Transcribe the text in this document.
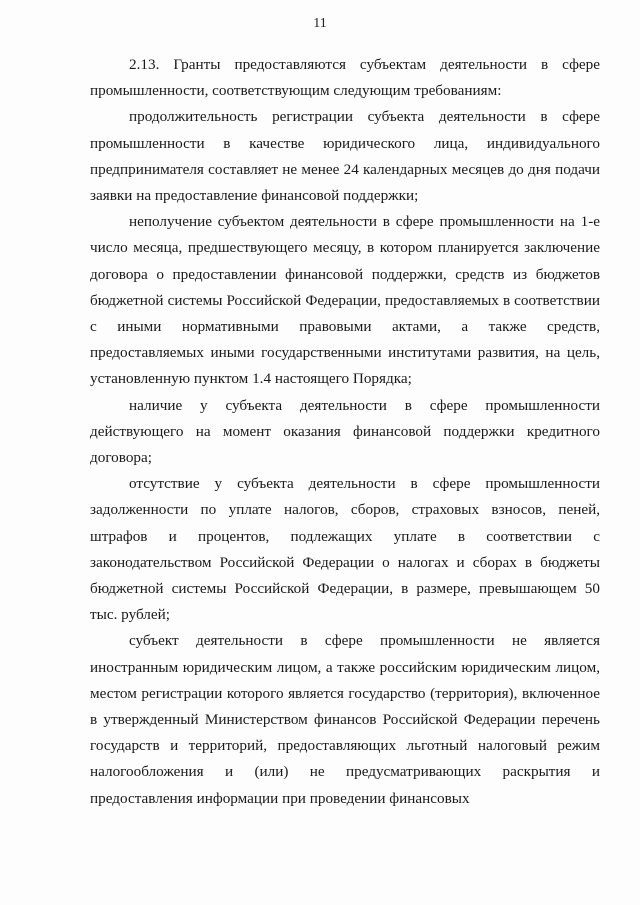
11

2.13. Гранты предоставляются субъектам деятельности в сфере промышленности, соответствующим следующим требованиям:

продолжительность регистрации субъекта деятельности в сфере промышленности в качестве юридического лица, индивидуального предпринимателя составляет не менее 24 календарных месяцев до дня подачи заявки на предоставление финансовой поддержки;

неполучение субъектом деятельности в сфере промышленности на 1-е число месяца, предшествующего месяцу, в котором планируется заключение договора о предоставлении финансовой поддержки, средств из бюджетов бюджетной системы Российской Федерации, предоставляемых в соответствии с иными нормативными правовыми актами, а также средств, предоставляемых иными государственными институтами развития, на цель, установленную пунктом 1.4 настоящего Порядка;

наличие у субъекта деятельности в сфере промышленности действующего на момент оказания финансовой поддержки кредитного договора;

отсутствие у субъекта деятельности в сфере промышленности задолженности по уплате налогов, сборов, страховых взносов, пеней, штрафов и процентов, подлежащих уплате в соответствии с законодательством Российской Федерации о налогах и сборах в бюджеты бюджетной системы Российской Федерации, в размере, превышающем 50 тыс. рублей;

субъект деятельности в сфере промышленности не является иностранным юридическим лицом, а также российским юридическим лицом, местом регистрации которого является государство (территория), включенное в утвержденный Министерством финансов Российской Федерации перечень государств и территорий, предоставляющих льготный налоговый режим налогообложения и (или) не предусматривающих раскрытия и предоставления информации при проведении финансовых
